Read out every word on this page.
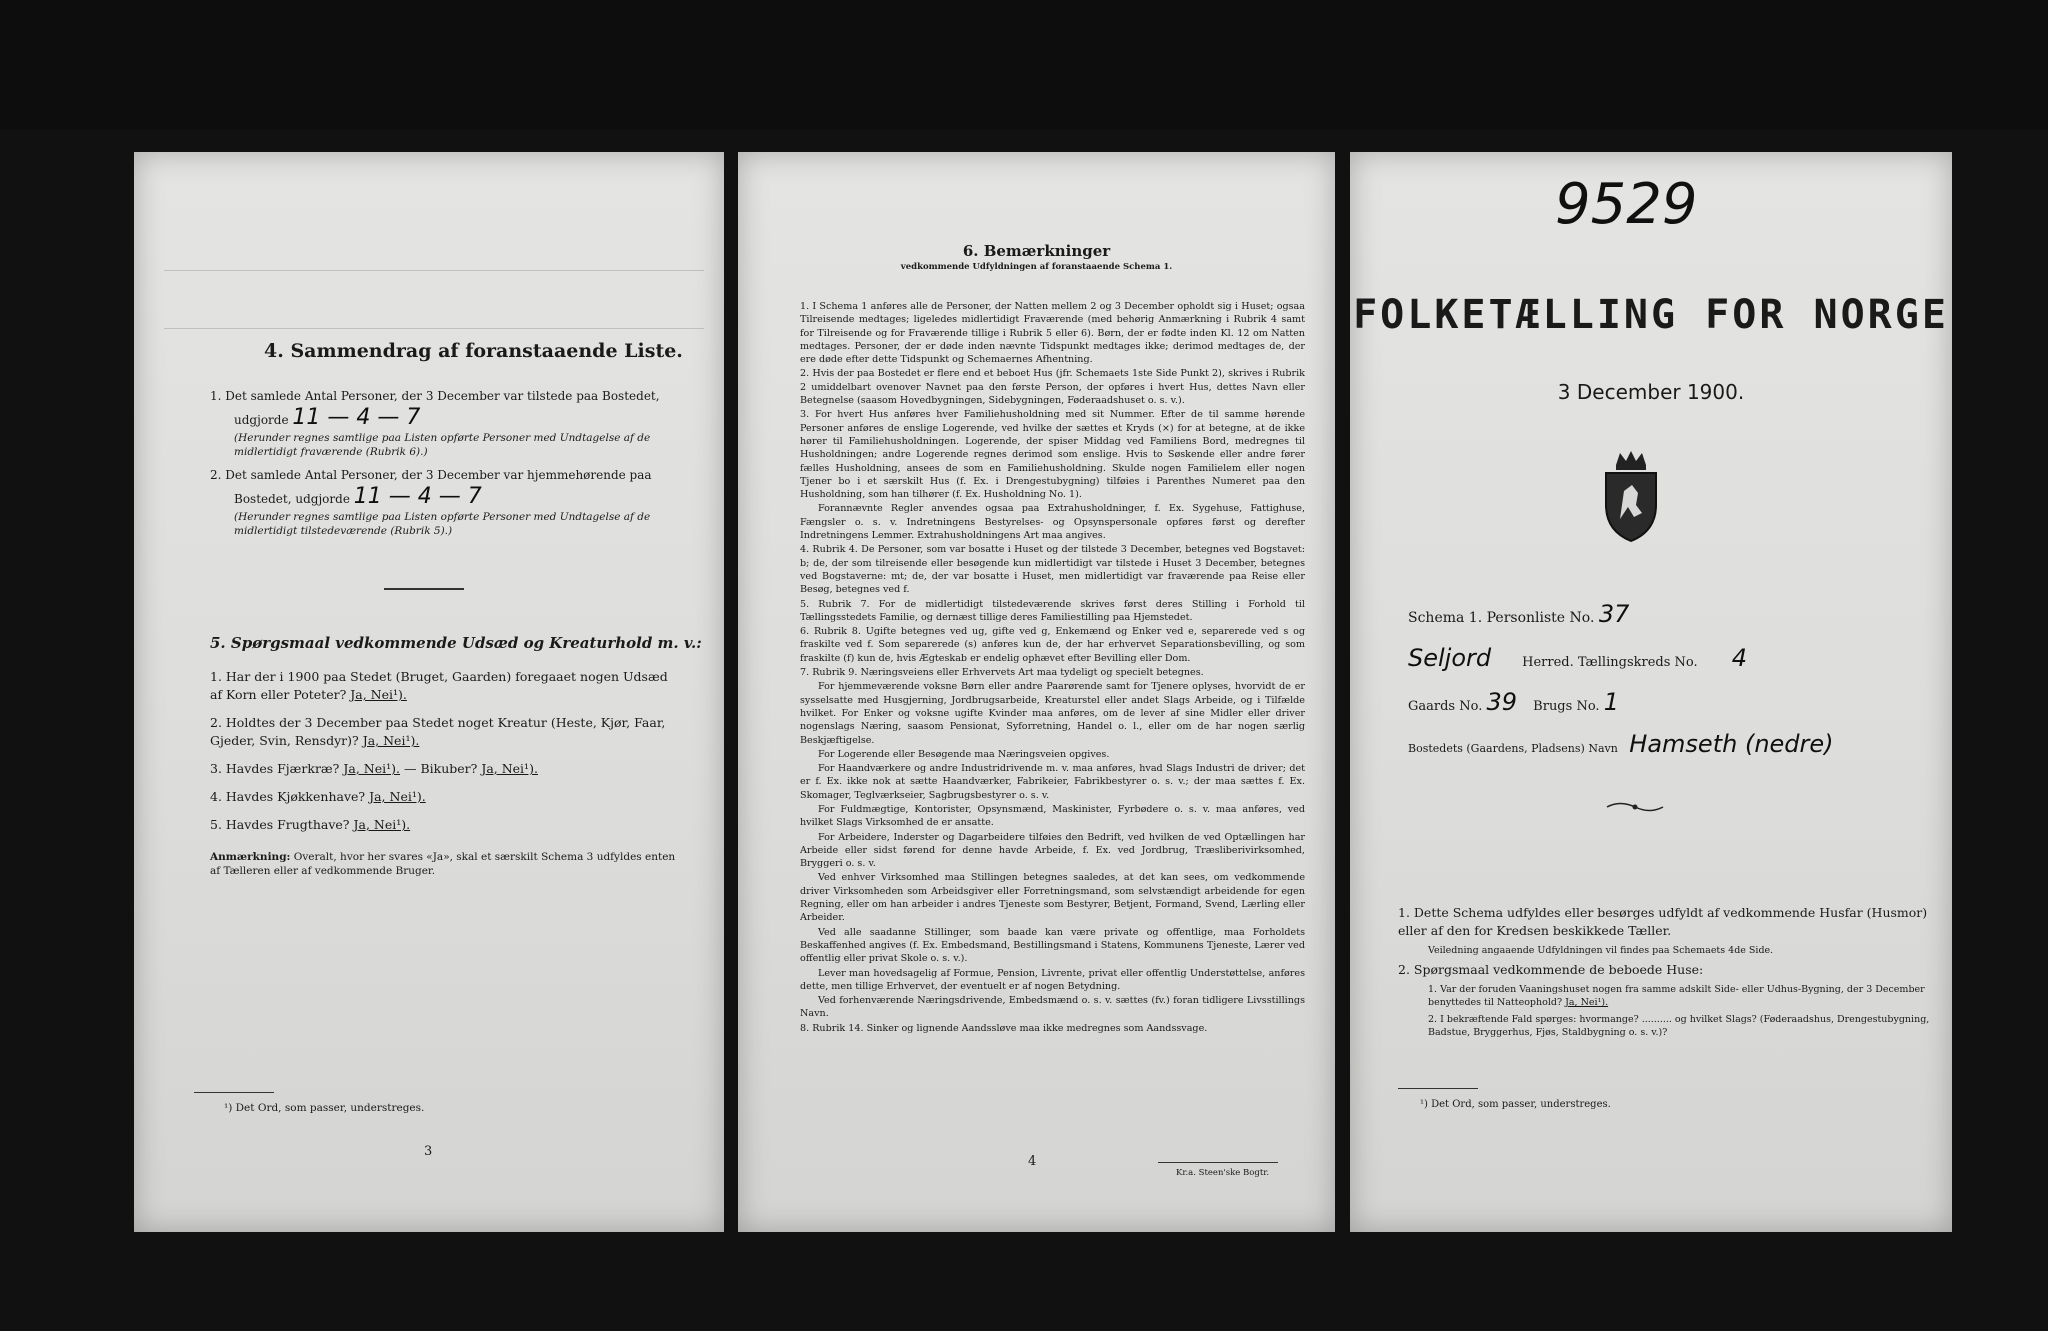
4. Sammendrag af foranstaaende Liste.

1. Det samlede Antal Personer, der 3 December var tilstede paa Bostedet,

udgjorde 11 — 4 — 7

(Herunder regnes samtlige paa Listen opførte Personer med Undtagelse af de midlertidigt fraværende (Rubrik 6).)

2. Det samlede Antal Personer, der 3 December var hjemmehørende paa

Bostedet, udgjorde 11 — 4 — 7

(Herunder regnes samtlige paa Listen opførte Personer med Undtagelse af de midlertidigt tilstedeværende (Rubrik 5).)

5. Spørgsmaal vedkommende Udsæd og Kreaturhold m. v.:

1. Har der i 1900 paa Stedet (Bruget, Gaarden) foregaaet nogen Udsæd af Korn eller Poteter? Ja, Nei¹).

2. Holdtes der 3 December paa Stedet noget Kreatur (Heste, Kjør, Faar, Gjeder, Svin, Rensdyr)? Ja, Nei¹).

3. Havdes Fjærkræ? Ja, Nei¹). — Bikuber? Ja, Nei¹).

4. Havdes Kjøkkenhave? Ja, Nei¹).

5. Havdes Frugthave? Ja, Nei¹).

Anmærkning: Overalt, hvor her svares «Ja», skal et særskilt Schema 3 udfyldes enten af Tælleren eller af vedkommende Bruger.

¹) Det Ord, som passer, understreges.
3
6. Bemærkninger
vedkommende Udfyldningen af foranstaaende Schema 1.

1. I Schema 1 anføres alle de Personer, der Natten mellem 2 og 3 December opholdt sig i Huset; ogsaa Tilreisende medtages; ligeledes midlertidigt Fraværende (med behørig Anmærkning i Rubrik 4 samt for Tilreisende og for Fraværende tillige i Rubrik 5 eller 6). Børn, der er fødte inden Kl. 12 om Natten medtages. Personer, der er døde inden nævnte Tidspunkt medtages ikke; derimod medtages de, der ere døde efter dette Tidspunkt og Schemaernes Afhentning.

2. Hvis der paa Bostedet er flere end et beboet Hus (jfr. Schemaets 1ste Side Punkt 2), skrives i Rubrik 2 umiddelbart ovenover Navnet paa den første Person, der opføres i hvert Hus, dettes Navn eller Betegnelse (saasom Hovedbygningen, Sidebygningen, Føderaadshuset o. s. v.).

3. For hvert Hus anføres hver Familiehusholdning med sit Nummer. Efter de til samme hørende Personer anføres de enslige Logerende, ved hvilke der sættes et Kryds (×) for at betegne, at de ikke hører til Familiehusholdningen. Logerende, der spiser Middag ved Familiens Bord, medregnes til Husholdningen; andre Logerende regnes derimod som enslige. Hvis to Søskende eller andre fører fælles Husholdning, ansees de som en Familiehusholdning. Skulde nogen Familielem eller nogen Tjener bo i et særskilt Hus (f. Ex. i Drengestubygning) tilføies i Parenthes Numeret paa den Husholdning, som han tilhører (f. Ex. Husholdning No. 1).

Forannævnte Regler anvendes ogsaa paa Extrahusholdninger, f. Ex. Sygehuse, Fattighuse, Fængsler o. s. v. Indretningens Bestyrelses- og Opsynspersonale opføres først og derefter Indretningens Lemmer. Extrahusholdningens Art maa angives.

4. Rubrik 4. De Personer, som var bosatte i Huset og der tilstede 3 December, betegnes ved Bogstavet: b; de, der som tilreisende eller besøgende kun midlertidigt var tilstede i Huset 3 December, betegnes ved Bogstaverne: mt; de, der var bosatte i Huset, men midlertidigt var fraværende paa Reise eller Besøg, betegnes ved f.

5. Rubrik 7. For de midlertidigt tilstedeværende skrives først deres Stilling i Forhold til Tællingsstedets Familie, og dernæst tillige deres Familiestilling paa Hjemstedet.

6. Rubrik 8. Ugifte betegnes ved ug, gifte ved g, Enkemænd og Enker ved e, separerede ved s og fraskilte ved f. Som separerede (s) anføres kun de, der har erhvervet Separationsbevilling, og som fraskilte (f) kun de, hvis Ægteskab er endelig ophævet efter Bevilling eller Dom.

7. Rubrik 9. Næringsveiens eller Erhvervets Art maa tydeligt og specielt betegnes.

For hjemmeværende voksne Børn eller andre Paarørende samt for Tjenere oplyses, hvorvidt de er sysselsatte med Husgjerning, Jordbrugsarbeide, Kreaturstel eller andet Slags Arbeide, og i Tilfælde hvilket. For Enker og voksne ugifte Kvinder maa anføres, om de lever af sine Midler eller driver nogenslags Næring, saasom Pensionat, Syforretning, Handel o. l., eller om de har nogen særlig Beskjæftigelse.

For Logerende eller Besøgende maa Næringsveien opgives.

For Haandværkere og andre Industridrivende m. v. maa anføres, hvad Slags Industri de driver; det er f. Ex. ikke nok at sætte Haandværker, Fabrikeier, Fabrikbestyrer o. s. v.; der maa sættes f. Ex. Skomager, Teglværkseier, Sagbrugsbestyrer o. s. v.

For Fuldmægtige, Kontorister, Opsynsmænd, Maskinister, Fyrbødere o. s. v. maa anføres, ved hvilket Slags Virksomhed de er ansatte.

For Arbeidere, Inderster og Dagarbeidere tilføies den Bedrift, ved hvilken de ved Optællingen har Arbeide eller sidst førend for denne havde Arbeide, f. Ex. ved Jordbrug, Træsliberivirksomhed, Bryggeri o. s. v.

Ved enhver Virksomhed maa Stillingen betegnes saaledes, at det kan sees, om vedkommende driver Virksomheden som Arbeidsgiver eller Forretningsmand, som selvstændigt arbeidende for egen Regning, eller om han arbeider i andres Tjeneste som Bestyrer, Betjent, Formand, Svend, Lærling eller Arbeider.

Ved alle saadanne Stillinger, som baade kan være private og offentlige, maa Forholdets Beskaffenhed angives (f. Ex. Embedsmand, Bestillingsmand i Statens, Kommunens Tjeneste, Lærer ved offentlig eller privat Skole o. s. v.).

Lever man hovedsagelig af Formue, Pension, Livrente, privat eller offentlig Understøttelse, anføres dette, men tillige Erhvervet, der eventuelt er af nogen Betydning.

Ved forhenværende Næringsdrivende, Embedsmænd o. s. v. sættes (fv.) foran tidligere Livsstillings Navn.

8. Rubrik 14. Sinker og lignende Aandssløve maa ikke medregnes som Aandssvage.

4
Kr.a. Steen'ske Bogtr.
9529
FOLKETÆLLING FOR NORGE
3 December 1900.
Schema 1. Personliste No. 37
Seljord Herred. Tællingskreds No. 4
Gaards No. 39 Brugs No. 1
Bostedets (Gaardens, Pladsens) Navn Hamseth (nedre)

1. Dette Schema udfyldes eller besørges udfyldt af vedkommende Husfar (Husmor) eller af den for Kredsen beskikkede Tæller.

Veiledning angaaende Udfyldningen vil findes paa Schemaets 4de Side.

2. Spørgsmaal vedkommende de beboede Huse:

1. Var der foruden Vaaningshuset nogen fra samme adskilt Side- eller Udhus-Bygning, der 3 December benyttedes til Natteophold? Ja, Nei¹).

2. I bekræftende Fald spørges: hvormange? .......... og hvilket Slags? (Føderaadshus, Drengestubygning, Badstue, Bryggerhus, Fjøs, Staldbygning o. s. v.)?

¹) Det Ord, som passer, understreges.
